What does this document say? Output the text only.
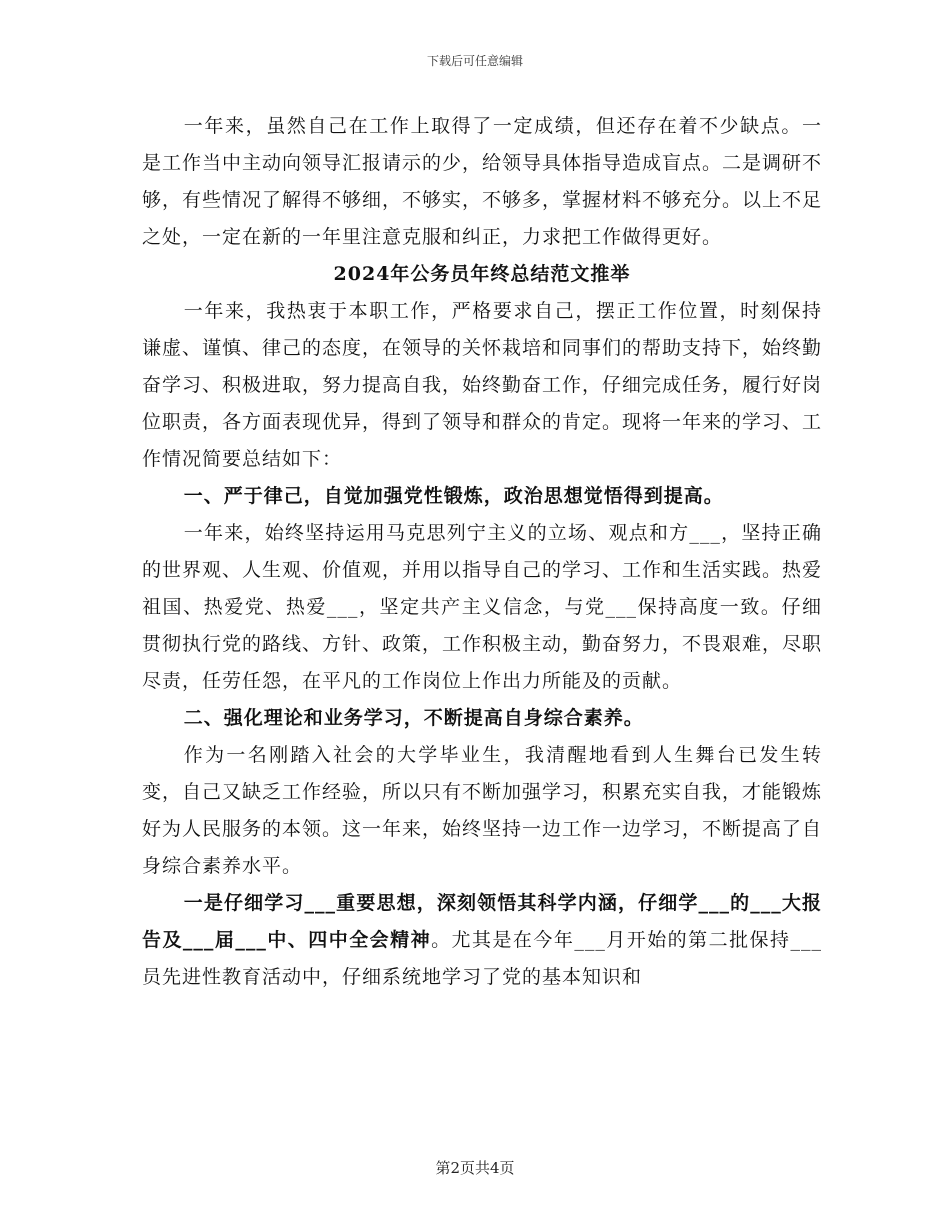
下载后可任意编辑

一年来，虽然自己在工作上取得了一定成绩，但还存在着不少缺点。一是工作当中主动向领导汇报请示的少，给领导具体指导造成盲点。二是调研不够，有些情况了解得不够细，不够实，不够多，掌握材料不够充分。以上不足之处，一定在新的一年里注意克服和纠正，力求把工作做得更好。

2024年公务员年终总结范文推举

一年来，我热衷于本职工作，严格要求自己，摆正工作位置，时刻保持谦虚、谨慎、律己的态度，在领导的关怀栽培和同事们的帮助支持下，始终勤奋学习、积极进取，努力提高自我，始终勤奋工作，仔细完成任务，履行好岗位职责，各方面表现优异，得到了领导和群众的肯定。现将一年来的学习、工作情况简要总结如下：

一、严于律己，自觉加强党性锻炼，政治思想觉悟得到提高。

一年来，始终坚持运用马克思列宁主义的立场、观点和方___，坚持正确的世界观、人生观、价值观，并用以指导自己的学习、工作和生活实践。热爱祖国、热爱党、热爱___，坚定共产主义信念，与党___保持高度一致。仔细贯彻执行党的路线、方针、政策，工作积极主动，勤奋努力，不畏艰难，尽职尽责，任劳任怨，在平凡的工作岗位上作出力所能及的贡献。

二、强化理论和业务学习，不断提高自身综合素养。

作为一名刚踏入社会的大学毕业生，我清醒地看到人生舞台已发生转变，自己又缺乏工作经验，所以只有不断加强学习，积累充实自我，才能锻炼好为人民服务的本领。这一年来，始终坚持一边工作一边学习，不断提高了自身综合素养水平。

一是仔细学习___重要思想，深刻领悟其科学内涵，仔细学___的___大报告及___届___中、四中全会精神。尤其是在今年___月开始的第二批保持___员先进性教育活动中，仔细系统地学习了党的基本知识和

第2页共4页
